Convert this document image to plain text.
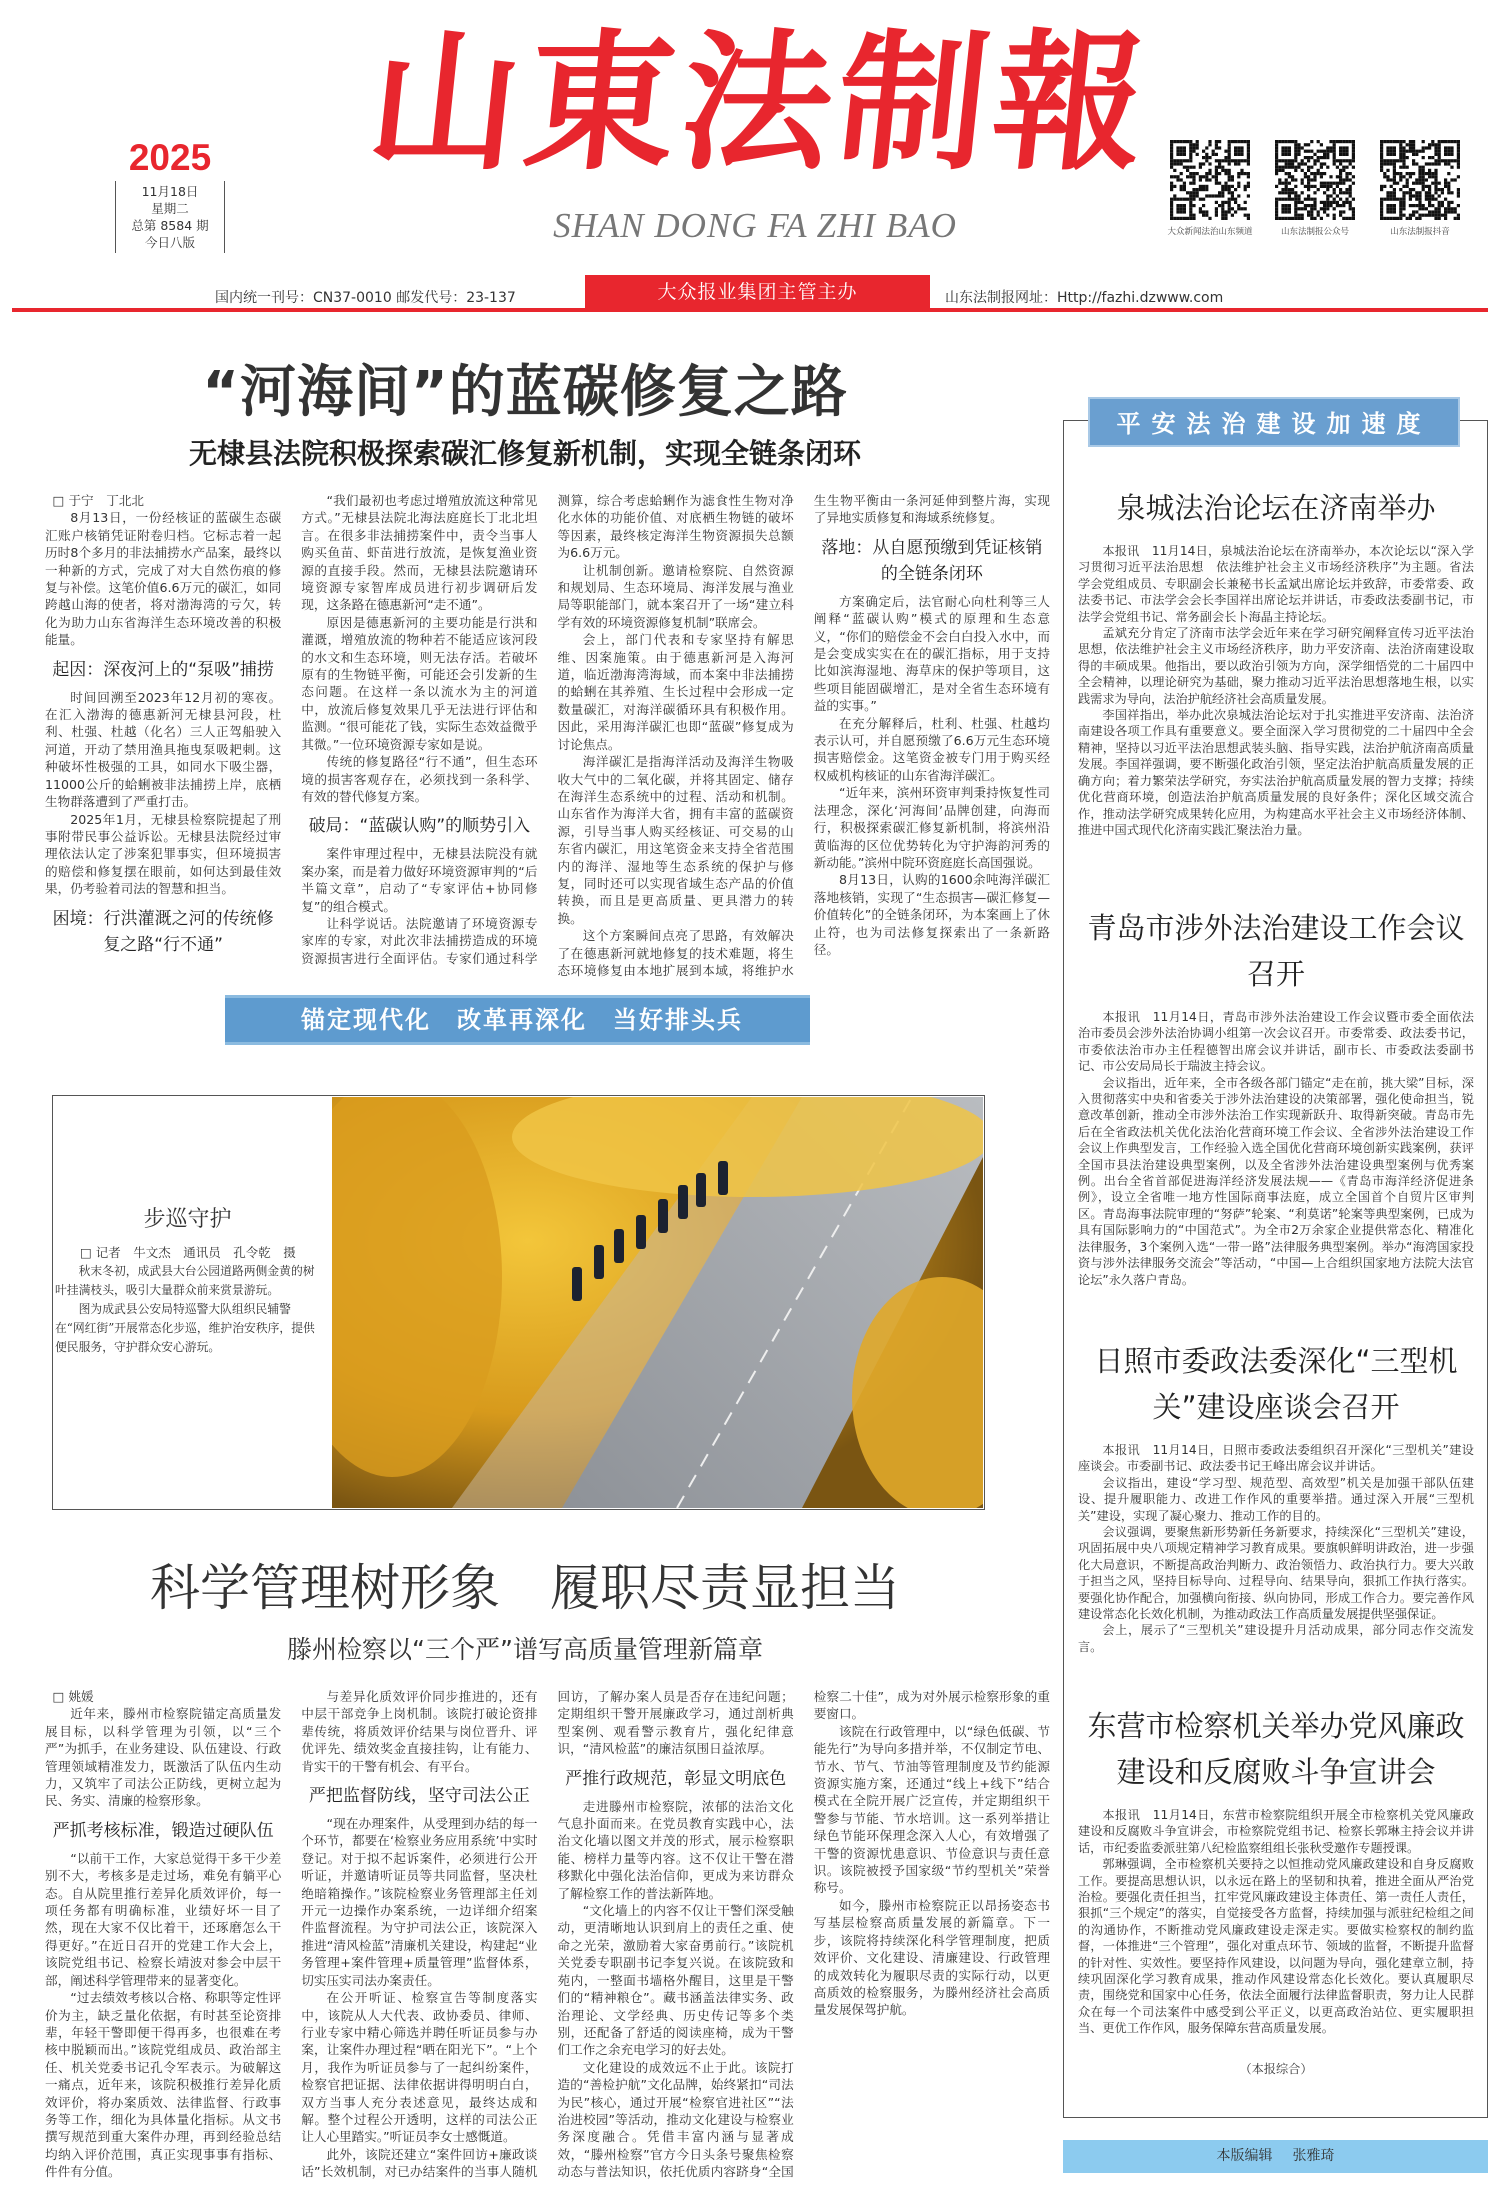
山東法制報
SHAN DONG FA ZHI BAO
2025
11月18日
星期二
总第 8584 期
今日八版
大众新闻法治山东频道	山东法制报公众号	山东法制报抖音
国内统一刊号：CN37-0010 邮发代号：23-137	大众报业集团主管主办	山东法制报网址：Http://fazhi.dzwww.com
“河海间”的蓝碳修复之路
无棣县法院积极探索碳汇修复新机制，实现全链条闭环

□ 于宁　丁北北

8月13日，一份经核证的蓝碳生态碳汇账户核销凭证附卷归档。它标志着一起历时8个多月的非法捕捞水产品案，最终以一种新的方式，完成了对大自然伤痕的修复与补偿。这笔价值6.6万元的碳汇，如同跨越山海的使者，将对渤海湾的亏欠，转化为助力山东省海洋生态环境改善的积极能量。

起因：深夜河上的“泵吸”捕捞

时间回溯至2023年12月初的寒夜。在汇入渤海的德惠新河无棣县河段，杜利、杜强、杜越（化名）三人正驾船驶入河道，开动了禁用渔具拖曳泵吸耙刺。这种破坏性极强的工具，如同水下吸尘器，11000公斤的蛤蜊被非法捕捞上岸，底栖生物群落遭到了严重打击。

2025年1月，无棣县检察院提起了刑事附带民事公益诉讼。无棣县法院经过审理依法认定了涉案犯罪事实，但环境损害的赔偿和修复摆在眼前，如何达到最佳效果，仍考验着司法的智慧和担当。

困境：行洪灌溉之河的传统修复之路“行不通”

“我们最初也考虑过增殖放流这种常见方式。”无棣县法院北海法庭庭长丁北北坦言。在很多非法捕捞案件中，责令当事人购买鱼苗、虾苗进行放流，是恢复渔业资源的直接手段。然而，无棣县法院邀请环境资源专家智库成员进行初步调研后发现，这条路在德惠新河“走不通”。

原因是德惠新河的主要功能是行洪和灌溉，增殖放流的物种若不能适应该河段的水文和生态环境，则无法存活。若破坏原有的生物链平衡，可能还会引发新的生态问题。在这样一条以流水为主的河道中，放流后修复效果几乎无法进行评估和监测。“很可能花了钱，实际生态效益微乎其微。”一位环境资源专家如是说。

传统的修复路径“行不通”，但生态环境的损害客观存在，必须找到一条科学、有效的替代修复方案。

破局：“蓝碳认购”的顺势引入

案件审理过程中，无棣县法院没有就案办案，而是着力做好环境资源审判的“后半篇文章”，启动了“专家评估+协同修复”的组合模式。

让科学说话。法院邀请了环境资源专家库的专家，对此次非法捕捞造成的环境资源损害进行全面评估。专家们通过科学测算，综合考虑蛤蜊作为滤食性生物对净化水体的功能价值、对底栖生物链的破坏等因素，最终核定海洋生物资源损失总额为6.6万元。

让机制创新。邀请检察院、自然资源和规划局、生态环境局、海洋发展与渔业局等职能部门，就本案召开了一场“建立科学有效的环境资源修复机制”联席会。

会上，部门代表和专家坚持有解思维、因案施策。由于德惠新河是入海河道，临近渤海湾海域，而本案中非法捕捞的蛤蜊在其养殖、生长过程中会形成一定数量碳汇，对海洋碳循环具有积极作用。因此，采用海洋碳汇也即“蓝碳”修复成为讨论焦点。

海洋碳汇是指海洋活动及海洋生物吸收大气中的二氧化碳，并将其固定、储存在海洋生态系统中的过程、活动和机制。山东省作为海洋大省，拥有丰富的蓝碳资源，引导当事人购买经核证、可交易的山东省内碳汇，用这笔资金来支持全省范围内的海洋、湿地等生态系统的保护与修复，同时还可以实现省域生态产品的价值转换，而且是更高质量、更具潜力的转换。

这个方案瞬间点亮了思路，有效解决了在德惠新河就地修复的技术难题，将生态环境修复由本地扩展到本域，将维护水生生物平衡由一条河延伸到整片海，实现了异地实质修复和海域系统修复。

落地：从自愿预缴到凭证核销的全链条闭环

方案确定后，法官耐心向杜利等三人阐释“蓝碳认购”模式的原理和生态意义，“你们的赔偿金不会白白投入水中，而是会变成实实在在的碳汇指标，用于支持比如滨海湿地、海草床的保护等项目，这些项目能固碳增汇，是对全省生态环境有益的实事。”

在充分解释后，杜利、杜强、杜越均表示认可，并自愿预缴了6.6万元生态环境损害赔偿金。这笔资金被专门用于购买经权威机构核证的山东省海洋碳汇。

“近年来，滨州环资审判秉持恢复性司法理念，深化‘河海间’品牌创建，向海而行，积极探索碳汇修复新机制，将滨州沿黄临海的区位优势转化为守护海韵河秀的新动能。”滨州中院环资庭庭长高国强说。

8月13日，认购的1600余吨海洋碳汇落地核销，实现了“生态损害—碳汇修复—价值转化”的全链条闭环，为本案画上了休止符，也为司法修复探索出了一条新路径。

锚定现代化　改革再深化　当好排头兵
步巡守护

□ 记者　牛文杰　通讯员　孔令乾　摄

秋末冬初，成武县大台公园道路两侧金黄的树叶挂满枝头，吸引大量群众前来赏景游玩。

图为成武县公安局特巡警大队组织民辅警在“网红街”开展常态化步巡，维护治安秩序，提供便民服务，守护群众安心游玩。

科学管理树形象　履职尽责显担当
滕州检察以“三个严”谱写高质量管理新篇章

□ 姚媛

近年来，滕州市检察院锚定高质量发展目标，以科学管理为引领，以“三个严”为抓手，在业务建设、队伍建设、行政管理领域精准发力，既激活了队伍内生动力，又筑牢了司法公正防线，更树立起为民、务实、清廉的检察形象。

严抓考核标准，锻造过硬队伍

“以前干工作，大家总觉得干多干少差别不大，考核多是走过场，难免有躺平心态。自从院里推行差异化质效评价，每一项任务都有明确标准，业绩好坏一目了然，现在大家不仅比着干，还琢磨怎么干得更好。”在近日召开的党建工作大会上，该院党组书记、检察长靖波对参会中层干部，阐述科学管理带来的显著变化。

“过去绩效考核以合格、称职等定性评价为主，缺乏量化依据，有时甚至论资排辈，年轻干警即便干得再多，也很难在考核中脱颖而出。”该院党组成员、政治部主任、机关党委书记孔令军表示。为破解这一痛点，近年来，该院积极推行差异化质效评价，将办案质效、法律监督、行政事务等工作，细化为具体量化指标。从文书撰写规范到重大案件办理，再到经验总结均纳入评价范围，真正实现事事有指标、件件有分值。

与差异化质效评价同步推进的，还有中层干部竞争上岗机制。该院打破论资排辈传统，将质效评价结果与岗位晋升、评优评先、绩效奖金直接挂钩，让有能力、肯实干的干警有机会、有平台。

严把监督防线，坚守司法公正

“现在办理案件，从受理到办结的每一个环节，都要在‘检察业务应用系统’中实时登记。对于拟不起诉案件，必须进行公开听证，并邀请听证员等共同监督，坚决杜绝暗箱操作。”该院检察业务管理部主任刘开元一边操作办案系统，一边详细介绍案件监督流程。为守护司法公正，该院深入推进“清风检蓝”清廉机关建设，构建起“业务管理+案件管理+质量管理”监督体系，切实压实司法办案责任。

在公开听证、检察宣告等制度落实中，该院从人大代表、政协委员、律师、行业专家中精心筛选并聘任听证员参与办案，让案件办理过程“晒在阳光下”。“上个月，我作为听证员参与了一起纠纷案件，检察官把证据、法律依据讲得明明白白，双方当事人充分表述意见，最终达成和解。整个过程公开透明，这样的司法公正让人心里踏实。”听证员李女士感慨道。

此外，该院还建立“案件回访+廉政谈话”长效机制，对已办结案件的当事人随机回访，了解办案人员是否存在违纪问题；定期组织干警开展廉政学习，通过剖析典型案例、观看警示教育片，强化纪律意识，“清风检蓝”的廉洁氛围日益浓厚。

严推行政规范，彰显文明底色

走进滕州市检察院，浓郁的法治文化气息扑面而来。在党员教育实践中心，法治文化墙以图文并茂的形式，展示检察职能、榜样力量等内容。这不仅让干警在潜移默化中强化法治信仰，更成为来访群众了解检察工作的普法新阵地。

“文化墙上的内容不仅让干警们深受触动，更清晰地认识到肩上的责任之重、使命之光荣，激励着大家奋勇前行。”该院机关党委专职副书记李复兴说。在该院致和苑内，一整面书墙格外醒目，这里是干警们的“精神粮仓”。藏书涵盖法律实务、政治理论、文学经典、历史传记等多个类别，还配备了舒适的阅读座椅，成为干警们工作之余充电学习的好去处。

文化建设的成效远不止于此。该院打造的“善检护航”文化品牌，始终紧扣“司法为民”核心，通过开展“检察官进社区”“法治进校园”等活动，推动文化建设与检察业务深度融合。凭借丰富内涵与显著成效，“滕州检察”官方今日头条号聚焦检察动态与普法知识，依托优质内容跻身“全国检察二十佳”，成为对外展示检察形象的重要窗口。

该院在行政管理中，以“绿色低碳、节能先行”为导向多措并举，不仅制定节电、节水、节气、节油等管理制度及节约能源资源实施方案，还通过“线上+线下”结合模式在全院开展广泛宣传，并定期组织干警参与节能、节水培训。这一系列举措让绿色节能环保理念深入人心，有效增强了干警的资源忧患意识、节俭意识与责任意识。该院被授予国家级“节约型机关”荣誉称号。

如今，滕州市检察院正以昂扬姿态书写基层检察高质量发展的新篇章。下一步，该院将持续深化科学管理制度，把质效评价、文化建设、清廉建设、行政管理的成效转化为履职尽责的实际行动，以更高质效的检察服务，为滕州经济社会高质量发展保驾护航。

平安法治建设加速度
泉城法治论坛在济南举办

本报讯　11月14日，泉城法治论坛在济南举办，本次论坛以“深入学习贯彻习近平法治思想　依法维护社会主义市场经济秩序”为主题。省法学会党组成员、专职副会长兼秘书长孟斌出席论坛并致辞，市委常委、政法委书记、市法学会会长李国祥出席论坛并讲话，市委政法委副书记，市法学会党组书记、常务副会长卜海晶主持论坛。

孟斌充分肯定了济南市法学会近年来在学习研究阐释宣传习近平法治思想，依法维护社会主义市场经济秩序，助力平安济南、法治济南建设取得的丰硕成果。他指出，要以政治引领为方向，深学细悟党的二十届四中全会精神，以理论研究为基础，聚力推动习近平法治思想落地生根，以实践需求为导向，法治护航经济社会高质量发展。

李国祥指出，举办此次泉城法治论坛对于扎实推进平安济南、法治济南建设各项工作具有重要意义。要全面深入学习贯彻党的二十届四中全会精神，坚持以习近平法治思想武装头脑、指导实践，法治护航济南高质量发展。李国祥强调，要不断强化政治引领，坚定法治护航高质量发展的正确方向；着力繁荣法学研究，夯实法治护航高质量发展的智力支撑；持续优化营商环境，创造法治护航高质量发展的良好条件；深化区域交流合作，推动法学研究成果转化应用，为构建高水平社会主义市场经济体制、推进中国式现代化济南实践汇聚法治力量。

青岛市涉外法治建设工作会议召开

本报讯　11月14日，青岛市涉外法治建设工作会议暨市委全面依法治市委员会涉外法治协调小组第一次会议召开。市委常委、政法委书记，市委依法治市办主任程德智出席会议并讲话，副市长、市委政法委副书记、市公安局局长于瑞波主持会议。

会议指出，近年来，全市各级各部门锚定“走在前，挑大梁”目标，深入贯彻落实中央和省委关于涉外法治建设的决策部署，强化使命担当，锐意改革创新，推动全市涉外法治工作实现新跃升、取得新突破。青岛市先后在全省政法机关优化法治化营商环境工作会议、全省涉外法治建设工作会议上作典型发言，工作经验入选全国优化营商环境创新实践案例，获评全国市县法治建设典型案例，以及全省涉外法治建设典型案例与优秀案例。出台全省首部促进海洋经济发展法规——《青岛市海洋经济促进条例》，设立全省唯一地方性国际商事法庭，成立全国首个自贸片区审判区。青岛海事法院审理的“努萨”轮案、“利莫诺”轮案等典型案例，已成为具有国际影响力的“中国范式”。为全市2万余家企业提供常态化、精准化法律服务，3个案例入选“一带一路”法律服务典型案例。举办“海湾国家投资与涉外法律服务交流会”等活动，“中国—上合组织国家地方法院大法官论坛”永久落户青岛。

日照市委政法委深化“三型机关”建设座谈会召开

本报讯　11月14日，日照市委政法委组织召开深化“三型机关”建设座谈会。市委副书记、政法委书记王峰出席会议并讲话。

会议指出，建设“学习型、规范型、高效型”机关是加强干部队伍建设、提升履职能力、改进工作作风的重要举措。通过深入开展“三型机关”建设，实现了凝心聚力、推动工作的目的。

会议强调，要聚焦新形势新任务新要求，持续深化“三型机关”建设，巩固拓展中央八项规定精神学习教育成果。要旗帜鲜明讲政治，进一步强化大局意识，不断提高政治判断力、政治领悟力、政治执行力。要大兴敢于担当之风，坚持目标导向、过程导向、结果导向，狠抓工作执行落实。要强化协作配合，加强横向衔接、纵向协同，形成工作合力。要完善作风建设常态化长效化机制，为推动政法工作高质量发展提供坚强保证。

会上，展示了“三型机关”建设提升月活动成果，部分同志作交流发言。

东营市检察机关举办党风廉政建设和反腐败斗争宣讲会

本报讯　11月14日，东营市检察院组织开展全市检察机关党风廉政建设和反腐败斗争宣讲会，市检察院党组书记、检察长郭琳主持会议并讲话，市纪委监委派驻第八纪检监察组组长张秋受邀作专题授课。

郭琳强调，全市检察机关要持之以恒推动党风廉政建设和自身反腐败工作。要提高思想认识，以永远在路上的坚韧和执着，推进全面从严治党治检。要强化责任担当，扛牢党风廉政建设主体责任、第一责任人责任，狠抓“三个规定”的落实，自觉接受各方监督，持续加强与派驻纪检组之间的沟通协作，不断推动党风廉政建设走深走实。要做实检察权的制约监督，一体推进“三个管理”，强化对重点环节、领域的监督，不断提升监督的针对性、实效性。要坚持作风建设，以问题为导向，强化建章立制，持续巩固深化学习教育成果，推动作风建设常态化长效化。要认真履职尽责，围绕党和国家中心任务，依法全面履行法律监督职责，努力让人民群众在每一个司法案件中感受到公平正义，以更高政治站位、更实履职担当、更优工作作风，服务保障东营高质量发展。

（本报综合）

本版编辑 张雅琦
